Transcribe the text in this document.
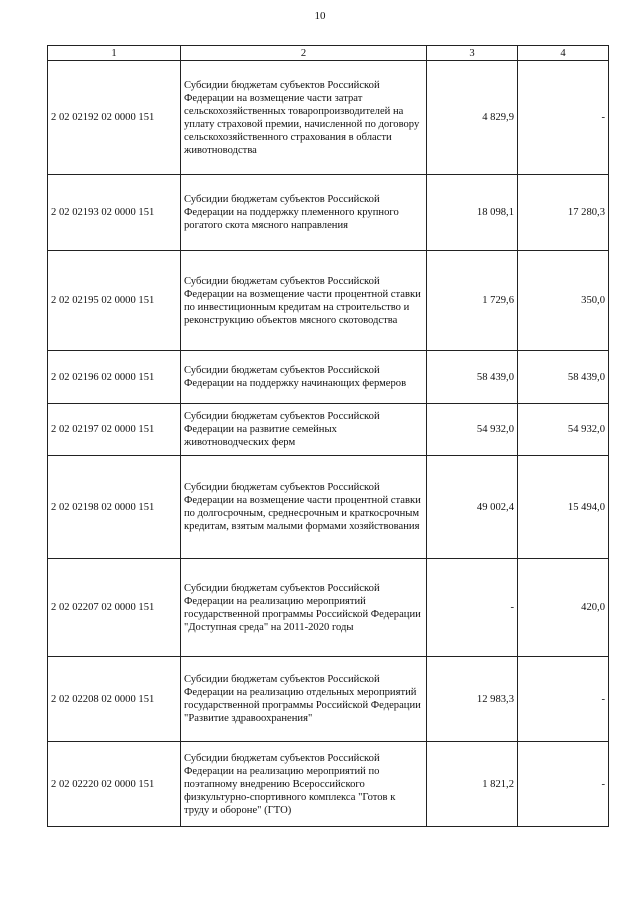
10
1	2	3	4
2 02 02192 02 0000 151	Субсидии бюджетам субъектов Российской Федерации на возмещение части затрат сельскохозяйственных товаропроизводителей на уплату страховой премии, начисленной по договору сельскохозяйственного страхования в области животноводства	4 829,9	-
2 02 02193 02 0000 151	Субсидии бюджетам субъектов Российской Федерации на поддержку племенного крупного рогатого скота мясного направления	18 098,1	17 280,3
2 02 02195 02 0000 151	Субсидии бюджетам субъектов Российской Федерации на возмещение части процентной ставки по инвестиционным кредитам на строительство и реконструкцию объектов мясного скотоводства	1 729,6	350,0
2 02 02196 02 0000 151	Субсидии бюджетам субъектов Российской Федерации на поддержку начинающих фермеров	58 439,0	58 439,0
2 02 02197 02 0000 151	Субсидии бюджетам субъектов Российской Федерации на развитие семейных животноводческих ферм	54 932,0	54 932,0
2 02 02198 02 0000 151	Субсидии бюджетам субъектов Российской Федерации на возмещение части процентной ставки по долгосрочным, среднесрочным и краткосрочным кредитам, взятым малыми формами хозяйствования	49 002,4	15 494,0
2 02 02207 02 0000 151	Субсидии бюджетам субъектов Российской Федерации на реализацию мероприятий государственной программы Российской Федерации "Доступная среда" на 2011-2020 годы	-	420,0
2 02 02208 02 0000 151	Субсидии бюджетам субъектов Российской Федерации на реализацию отдельных мероприятий государственной программы Российской Федерации "Развитие здравоохранения"	12 983,3	-
2 02 02220 02 0000 151	Субсидии бюджетам субъектов Российской Федерации на реализацию мероприятий по поэтапному внедрению Всероссийского физкультурно-спортивного комплекса "Готов к труду и обороне" (ГТО)	1 821,2	-
